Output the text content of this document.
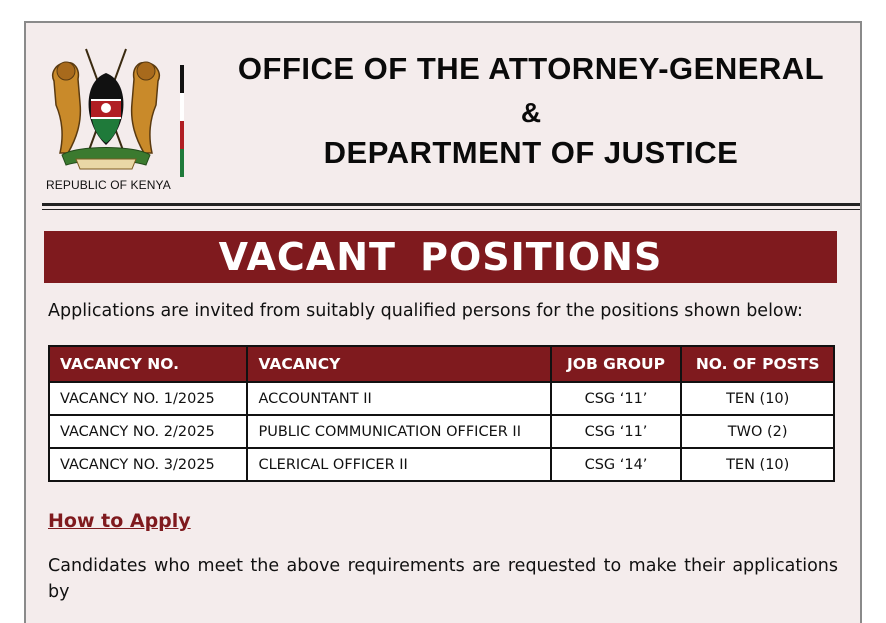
REPUBLIC OF KENYA
OFFICE OF THE ATTORNEY-GENERAL
&
DEPARTMENT OF JUSTICE
VACANT POSITIONS
Applications are invited from suitably qualified persons for the positions shown below:
VACANCY NO.	VACANCY	JOB GROUP	NO. OF POSTS
VACANCY NO. 1/2025	ACCOUNTANT II	CSG ‘11’	TEN (10)
VACANCY NO. 2/2025	PUBLIC COMMUNICATION OFFICER II	CSG ‘11’	TWO (2)
VACANCY NO. 3/2025	CLERICAL OFFICER II	CSG ‘14’	TEN (10)
How to Apply
Candidates who meet the above requirements are requested to make their applications by
